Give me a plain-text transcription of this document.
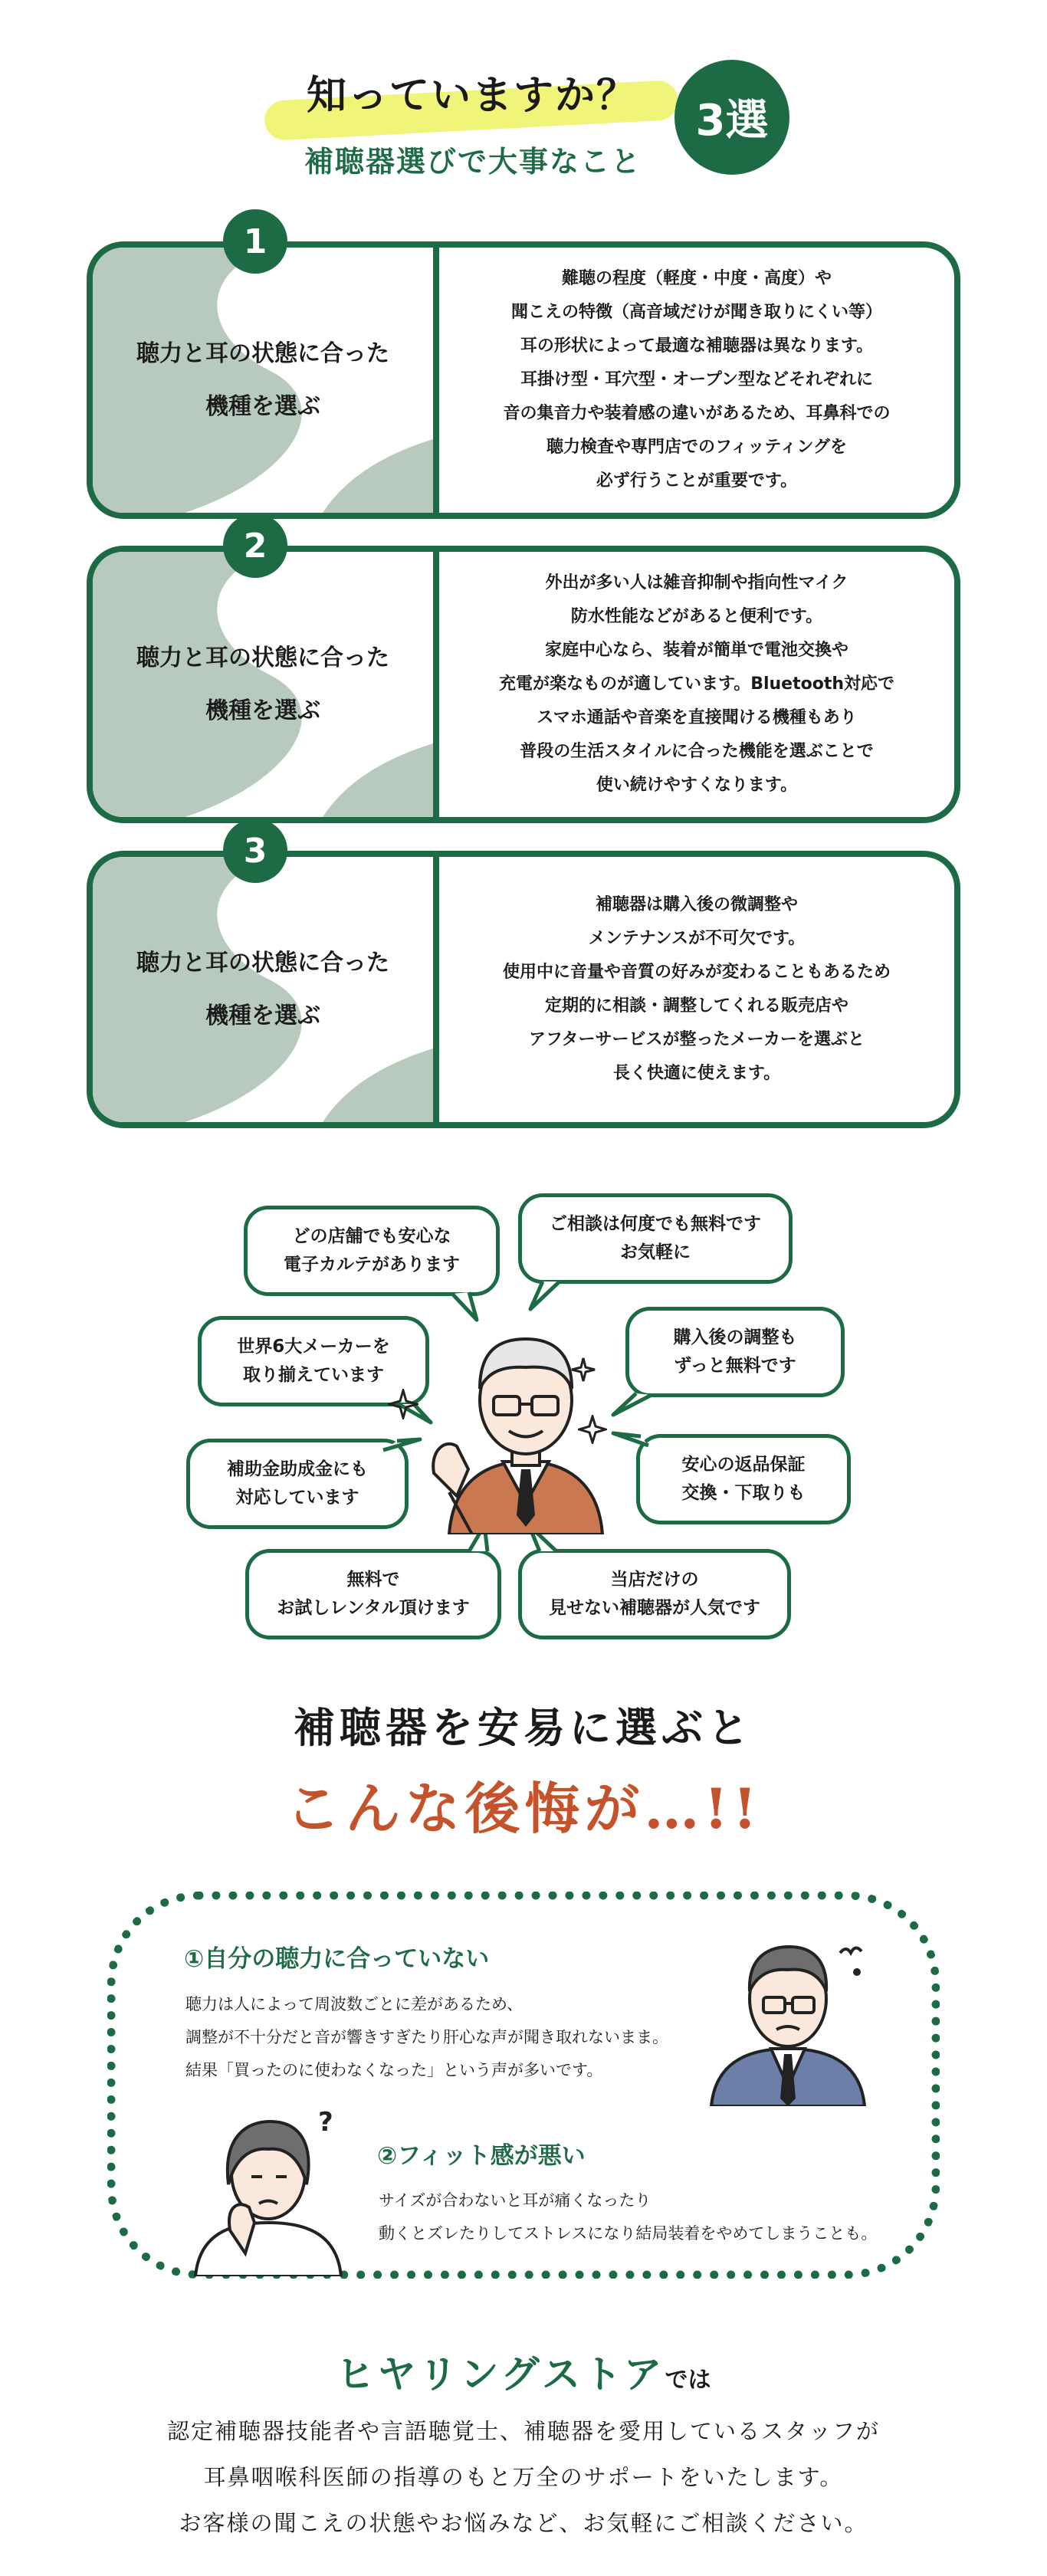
知っていますか？
補聴器選びで大事なこと
3選
聴力と耳の状態に合った
機種を選ぶ
難聴の程度（軽度・中度・高度）や
聞こえの特徴（高音域だけが聞き取りにくい等）
耳の形状によって最適な補聴器は異なります。
耳掛け型・耳穴型・オープン型などそれぞれに
音の集音力や装着感の違いがあるため、耳鼻科での
聴力検査や専門店でのフィッティングを
必ず行うことが重要です。
1
聴力と耳の状態に合った
機種を選ぶ
外出が多い人は雑音抑制や指向性マイク
防水性能などがあると便利です。
家庭中心なら、装着が簡単で電池交換や
充電が楽なものが適しています。Bluetooth対応で
スマホ通話や音楽を直接聞ける機種もあり
普段の生活スタイルに合った機能を選ぶことで
使い続けやすくなります。
2
聴力と耳の状態に合った
機種を選ぶ
補聴器は購入後の微調整や
メンテナンスが不可欠です。
使用中に音量や音質の好みが変わることもあるため
定期的に相談・調整してくれる販売店や
アフターサービスが整ったメーカーを選ぶと
長く快適に使えます。
3
どの店舗でも安心な
電子カルテがあります
ご相談は何度でも無料です
お気軽に
世界6大メーカーを
取り揃えています
購入後の調整も
ずっと無料です
補助金助成金にも
対応しています
安心の返品保証
交換・下取りも
無料で
お試しレンタル頂けます
当店だけの
見せない補聴器が人気です
補聴器を安易に選ぶと
こんな後悔が…!!
①自分の聴力に合っていない
聴力は人によって周波数ごとに差があるため、
調整が不十分だと音が響きすぎたり肝心な声が聞き取れないまま。
結果「買ったのに使わなくなった」という声が多いです。
②フィット感が悪い
サイズが合わないと耳が痛くなったり
動くとズレたりしてストレスになり結局装着をやめてしまうことも。
?
ヒヤリングストアでは
認定補聴器技能者や言語聴覚士、補聴器を愛用しているスタッフが
耳鼻咽喉科医師の指導のもと万全のサポートをいたします。
お客様の聞こえの状態やお悩みなど、お気軽にご相談ください。
